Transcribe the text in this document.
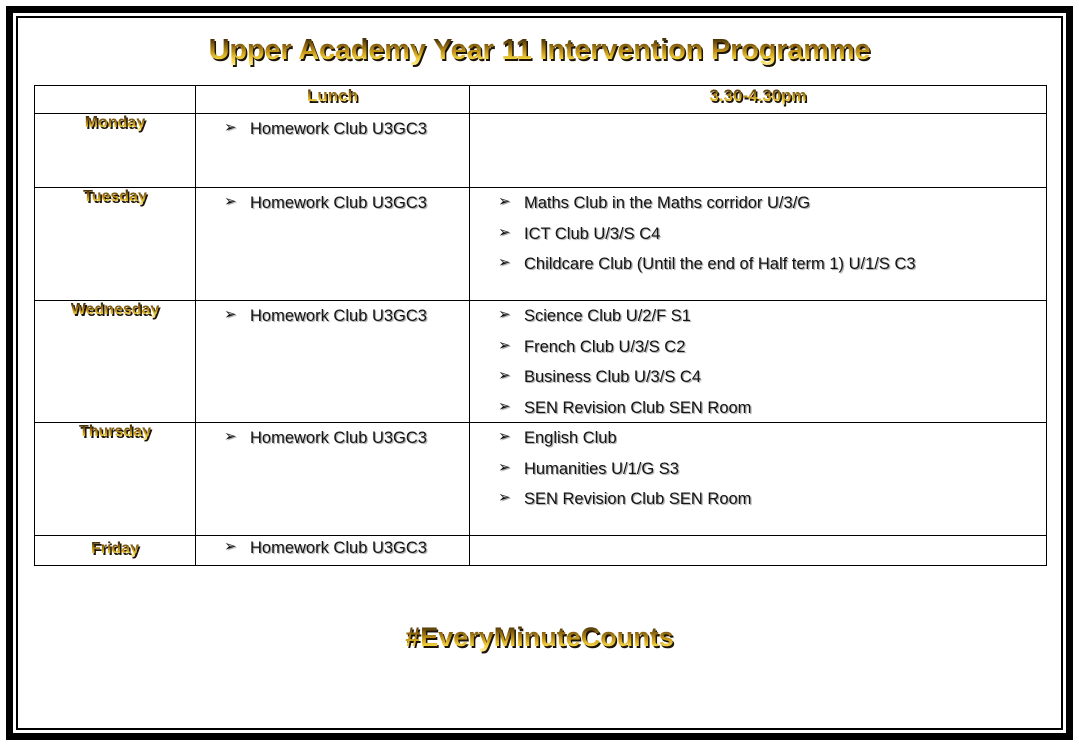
Upper Academy Year 11 Intervention Programme Upper Academy Year 11 Intervention Programme
	Lunch Lunch	3.30-4.30pm 3.30-4.30pm
Monday Monday	➢ Homework Club U3GC3

Tuesday Tuesday	➢ Homework Club U3GC3	➢ Maths Club in the Maths corridor U/3/G
➢ ICT Club U/3/S C4
➢ Childcare Club (Until the end of Half term 1) U/1/S C3

Wednesday Wednesday	➢ Homework Club U3GC3	➢ Science Club U/2/F S1
➢ French Club U/3/S C2
➢ Business Club U/3/S C4
➢ SEN Revision Club SEN Room

Thursday Thursday	➢ Homework Club U3GC3	➢ English Club
➢ Humanities U/1/G S3
➢ SEN Revision Club SEN Room

Friday Friday	➢ Homework Club U3GC3

#EveryMinuteCounts #EveryMinuteCounts
